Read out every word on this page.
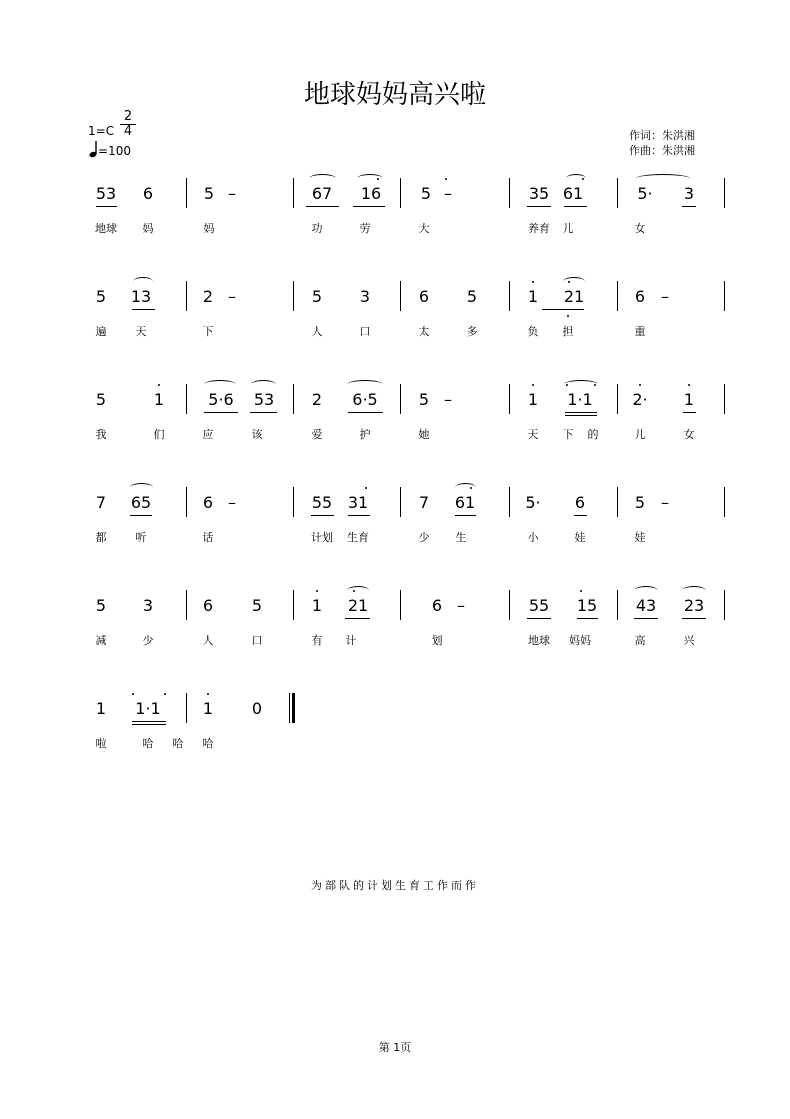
地球妈妈高兴啦
1=C
2
4
=100
作词：朱洪湘
作曲：朱洪湘
53 6	5 –	67 16 5 –	35 61	5· 3
地球 妈	妈	功	劳	大	养育 儿	女
5 13	2 –	5 3	6 5	1 21	6 –
遍	天	下	人	口	太	多	负 担	重
5	1	5·6 53 2 6·5	5 –	1 1·1 2· 1
我	们	应	该	爱	护	她	天 下 的	儿	女
7 65	6 –	55 31	7 61	5· 6	5 –
都	听	话	计划 生育	少 生	小	娃	娃
5 3	6 5	1 21	6 –	55 15 43 23
减	少	人	口	有 计	划	地球 妈妈	高	兴
1 1·1	1 0
啦	哈 哈 哈
为部队的计划生育工作而作
第 1页
